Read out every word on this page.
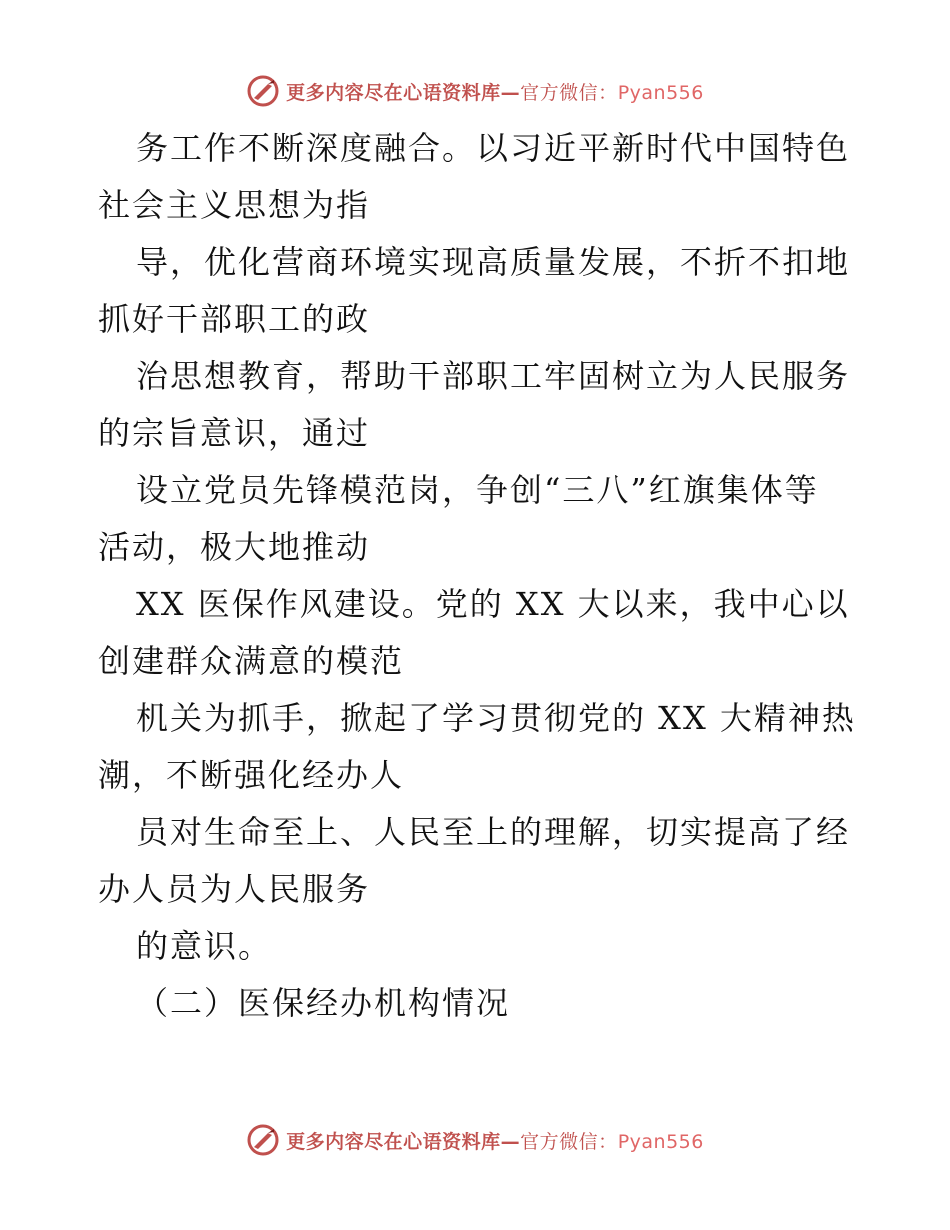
更多内容尽在心语资料库—官方微信：Pyan556

务工作不断深度融合。以习近平新时代中国特色
社会主义思想为指

导，优化营商环境实现高质量发展，不折不扣地
抓好干部职工的政

治思想教育，帮助干部职工牢固树立为人民服务
的宗旨意识，通过

设立党员先锋模范岗，争创“三八”红旗集体等
活动，极大地推动

XX 医保作风建设。党的 XX 大以来，我中心以
创建群众满意的模范

机关为抓手，掀起了学习贯彻党的 XX 大精神热
潮，不断强化经办人

员对生命至上、人民至上的理解，切实提高了经
办人员为人民服务

的意识。

（二）医保经办机构情况

更多内容尽在心语资料库—官方微信：Pyan556
